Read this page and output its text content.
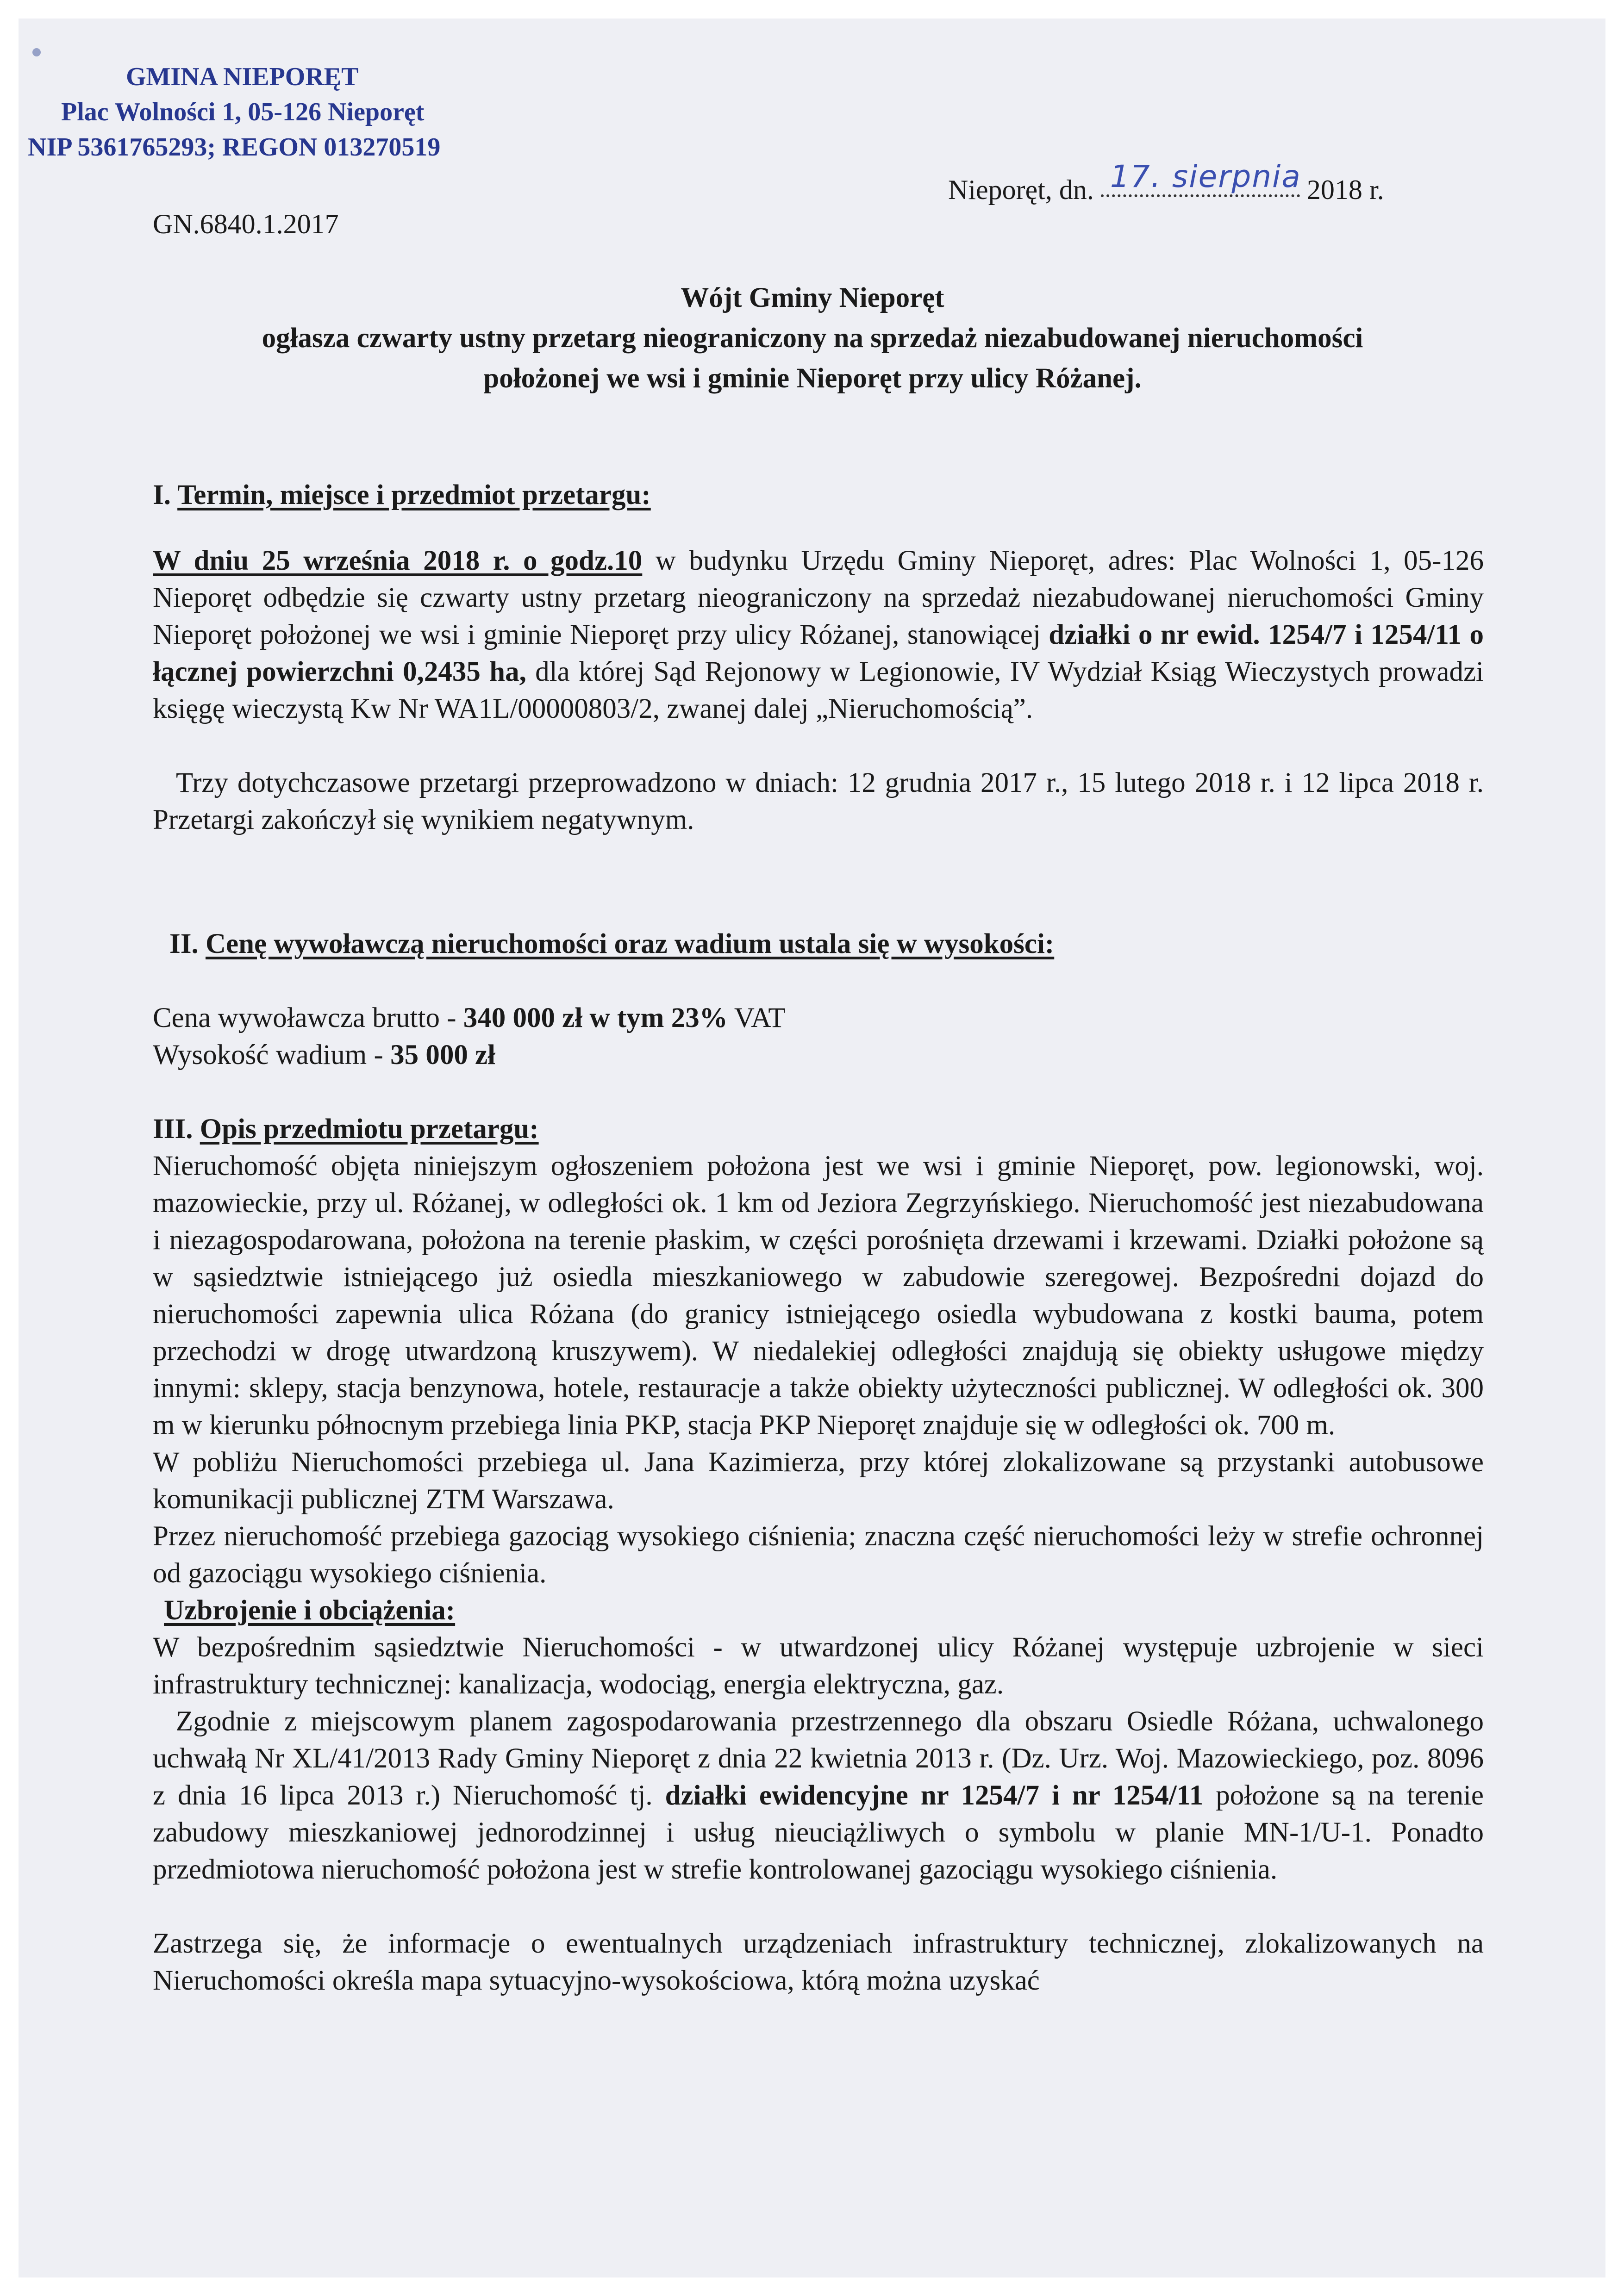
GMINA NIEPORĘT
Plac Wolności 1, 05-126 Nieporęt
NIP 5361765293; REGON 013270519
Nieporęt, dn. 17. sierpnia 2018 r.
GN.6840.1.2017
Wójt Gminy Nieporęt
ogłasza czwarty ustny przetarg nieograniczony na sprzedaż niezabudowanej nieruchomości
położonej we wsi i gminie Nieporęt przy ulicy Różanej.

I. Termin, miejsce i przedmiot przetargu:

W dniu 25 września 2018 r. o godz.10 w budynku Urzędu Gminy Nieporęt, adres: Plac Wolności 1, 05-126 Nieporęt odbędzie się czwarty ustny przetarg nieograniczony na sprzedaż niezabudowanej nieruchomości Gminy Nieporęt położonej we wsi i gminie Nieporęt przy ulicy Różanej, stanowiącej działki o nr ewid. 1254/7 i 1254/11 o łącznej powierzchni 0,2435 ha, dla której Sąd Rejonowy w Legionowie, IV Wydział Ksiąg Wieczystych prowadzi księgę wieczystą Kw Nr WA1L/00000803/2, zwanej dalej „Nieruchomością”.

Trzy dotychczasowe przetargi przeprowadzono w dniach: 12 grudnia 2017 r., 15 lutego 2018 r. i 12 lipca 2018 r. Przetargi zakończył się wynikiem negatywnym.

II. Cenę wywoławczą nieruchomości oraz wadium ustala się w wysokości:

Cena wywoławcza brutto - 340 000 zł w tym 23% VAT

Wysokość wadium - 35 000 zł

III. Opis przedmiotu przetargu:

Nieruchomość objęta niniejszym ogłoszeniem położona jest we wsi i gminie Nieporęt, pow. legionowski, woj. mazowieckie, przy ul. Różanej, w odległości ok. 1 km od Jeziora Zegrzyńskiego. Nieruchomość jest niezabudowana i niezagospodarowana, położona na terenie płaskim, w części porośnięta drzewami i krzewami. Działki położone są w sąsiedztwie istniejącego już osiedla mieszkaniowego w zabudowie szeregowej. Bezpośredni dojazd do nieruchomości zapewnia ulica Różana (do granicy istniejącego osiedla wybudowana z kostki bauma, potem przechodzi w drogę utwardzoną kruszywem). W niedalekiej odległości znajdują się obiekty usługowe między innymi: sklepy, stacja benzynowa, hotele, restauracje a także obiekty użyteczności publicznej. W odległości ok. 300 m w kierunku północnym przebiega linia PKP, stacja PKP Nieporęt znajduje się w odległości ok. 700 m.

W pobliżu Nieruchomości przebiega ul. Jana Kazimierza, przy której zlokalizowane są przystanki autobusowe komunikacji publicznej ZTM Warszawa.

Przez nieruchomość przebiega gazociąg wysokiego ciśnienia; znaczna część nieruchomości leży w strefie ochronnej od gazociągu wysokiego ciśnienia.

Uzbrojenie i obciążenia:

W bezpośrednim sąsiedztwie Nieruchomości - w utwardzonej ulicy Różanej występuje uzbrojenie w sieci infrastruktury technicznej: kanalizacja, wodociąg, energia elektryczna, gaz.

Zgodnie z miejscowym planem zagospodarowania przestrzennego dla obszaru Osiedle Różana, uchwalonego uchwałą Nr XL/41/2013 Rady Gminy Nieporęt z dnia 22 kwietnia 2013 r. (Dz. Urz. Woj. Mazowieckiego, poz. 8096 z dnia 16 lipca 2013 r.) Nieruchomość tj. działki ewidencyjne nr 1254/7 i nr 1254/11 położone są na terenie zabudowy mieszkaniowej jednorodzinnej i usług nieuciążliwych o symbolu w planie MN-1/U-1. Ponadto przedmiotowa nieruchomość położona jest w strefie kontrolowanej gazociągu wysokiego ciśnienia.

Zastrzega się, że informacje o ewentualnych urządzeniach infrastruktury technicznej, zlokalizowanych na Nieruchomości określa mapa sytuacyjno-wysokościowa, którą można uzyskać
